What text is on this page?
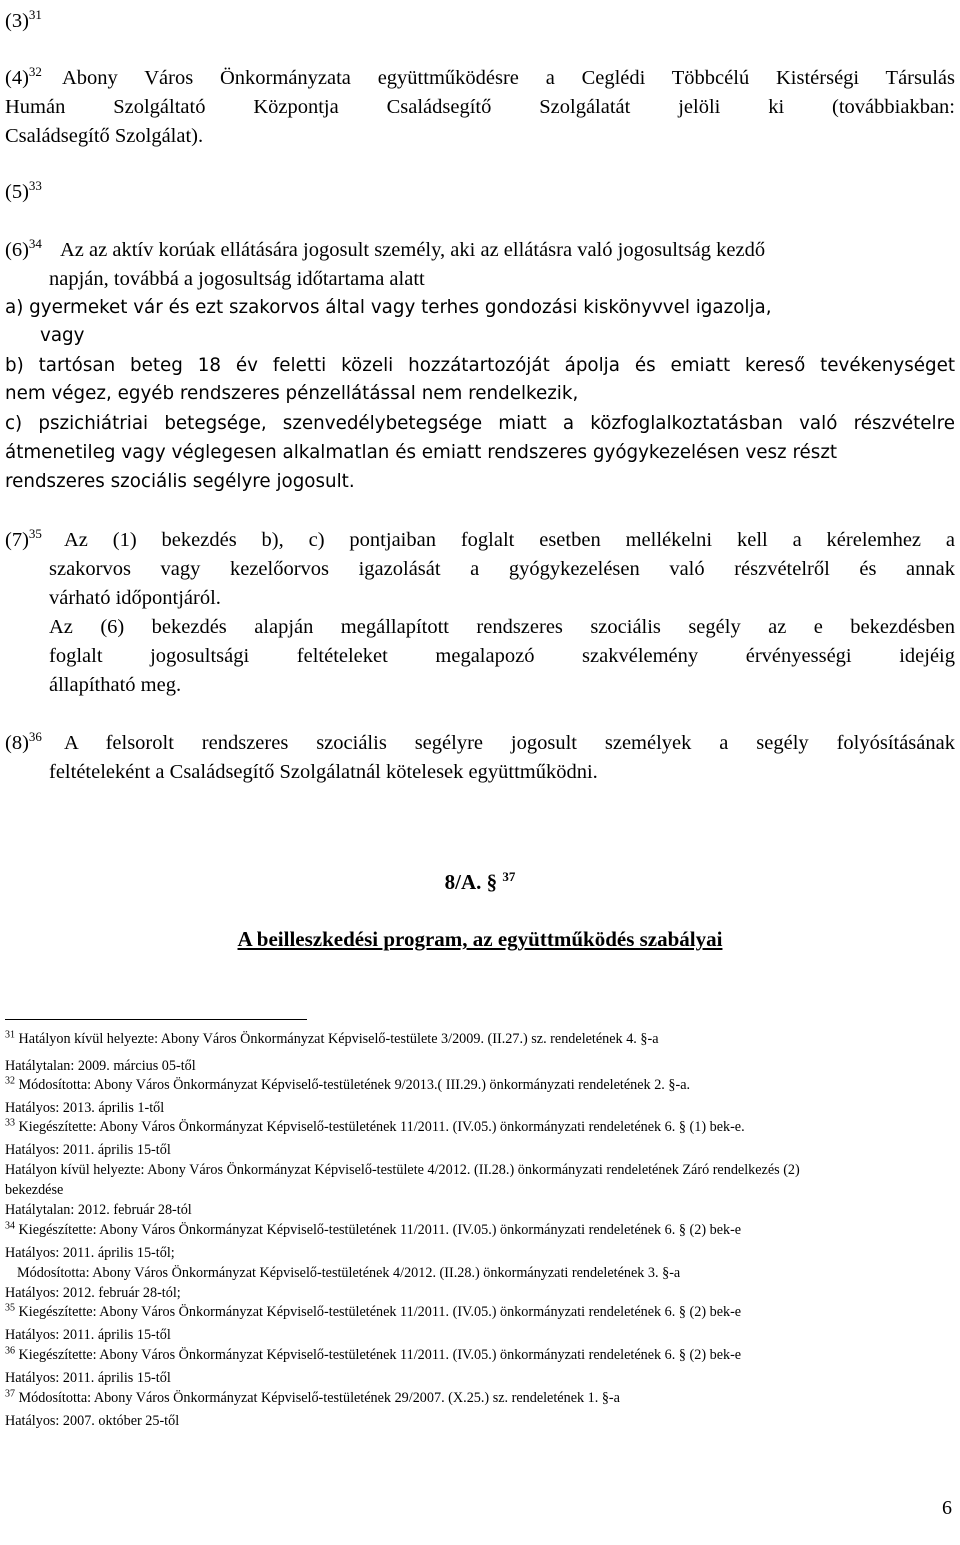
$(3)^{31}$
$(4)^{32}$ Abony Város Önkormányzata együttműködésre a Ceglédi Többcélú Kistérségi Társulás
Humán Szolgáltató Központja Családsegítő Szolgálatát jelöli ki (továbbiakban:
Családsegítő Szolgálat).
$(5)^{33}$
$(6)^{34}$ Az az aktív korúak ellátására jogosult személy, aki az ellátásra való jogosultság kezdő
napján, továbbá a jogosultság időtartama alatt
a) gyermeket vár és ezt szakorvos által vagy terhes gondozási kiskönyvvel igazolja,
vagy
b) tartósan beteg 18 év feletti közeli hozzátartozóját ápolja és emiatt kereső tevékenységet
nem végez, egyéb rendszeres pénzellátással nem rendelkezik,
c) pszichiátriai betegsége, szenvedélybetegsége miatt a közfoglalkoztatásban való részvételre
átmenetileg vagy véglegesen alkalmatlan és emiatt rendszeres gyógykezelésen vesz részt
rendszeres szociális segélyre jogosult.
$(7)^{35}$ Az (1) bekezdés b), c) pontjaiban foglalt esetben mellékelni kell a kérelemhez a
szakorvos vagy kezelőorvos igazolását a gyógykezelésen való részvételről és annak
várható időpontjáról.
Az (6) bekezdés alapján megállapított rendszeres szociális segély az e bekezdésben
foglalt jogosultsági feltételeket megalapozó szakvélemény érvényességi idejéig
állapítható meg.
$(8)^{36}$ A felsorolt rendszeres szociális segélyre jogosult személyek a segély folyósításának
feltételeként a Családsegítő Szolgálatnál kötelesek együttműködni.
8/A. § $^{37}$
A beilleszkedési program, az együttműködés szabályai
$^{31}$ Hatályon kívül helyezte: Abony Város Önkormányzat Képviselő-testülete 3/2009. (II.27.) sz. rendeletének 4. §-a
Hatálytalan: 2009. március 05-től
$^{32}$ Módosította: Abony Város Önkormányzat Képviselő-testületének 9/2013.( III.29.) önkormányzati rendeletének 2. §-a.
Hatályos: 2013. április 1-től
$^{33}$ Kiegészítette: Abony Város Önkormányzat Képviselő-testületének 11/2011. (IV.05.) önkormányzati rendeletének 6. § (1) bek-e.
Hatályos: 2011. április 15-től
Hatályon kívül helyezte: Abony Város Önkormányzat Képviselő-testülete 4/2012. (II.28.) önkormányzati rendeletének Záró rendelkezés (2)
bekezdése
Hatálytalan: 2012. február 28-tól
$^{34}$ Kiegészítette: Abony Város Önkormányzat Képviselő-testületének 11/2011. (IV.05.) önkormányzati rendeletének 6. § (2) bek-e
Hatályos: 2011. április 15-től;
Módosította: Abony Város Önkormányzat Képviselő-testületének 4/2012. (II.28.) önkormányzati rendeletének 3. §-a
Hatályos: 2012. február 28-tól;
$^{35}$ Kiegészítette: Abony Város Önkormányzat Képviselő-testületének 11/2011. (IV.05.) önkormányzati rendeletének 6. § (2) bek-e
Hatályos: 2011. április 15-től
$^{36}$ Kiegészítette: Abony Város Önkormányzat Képviselő-testületének 11/2011. (IV.05.) önkormányzati rendeletének 6. § (2) bek-e
Hatályos: 2011. április 15-től
$^{37}$ Módosította: Abony Város Önkormányzat Képviselő-testületének 29/2007. (X.25.) sz. rendeletének 1. §-a
Hatályos: 2007. október 25-től
6
